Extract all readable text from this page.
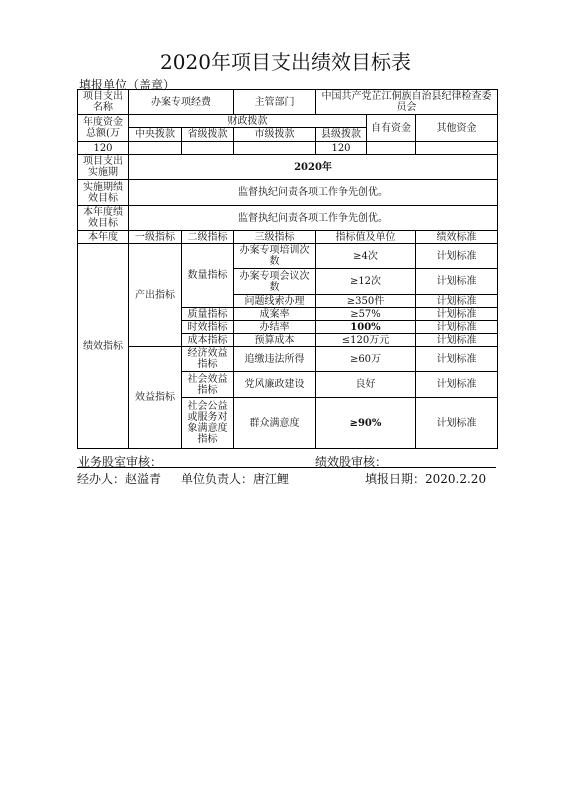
2020年项目支出绩效目标表
填报单位（盖章）
项目支出名称	办案专项经费		主管部门	中国共产党芷江侗族自治县纪律检查委员会		
年度资金总额(万	财政拨款				自有资金	其他资金
	中央拨款	省级拨款	市级拨款	县级拨款		
120				120		
项目支出实施期	2020年					
实施期绩效目标	监督执纪问责各项工作争先创优。					
本年度绩效目标	监督执纪问责各项工作争先创优。					
本年度	一级指标	二级指标	三级指标	指标值及单位		绩效标准
绩效指标	产出指标	数量指标	办案专项培训次数	≥4次		计划标准
			办案专项会议次数	≥12次		计划标准
			问题线索办理	≥350件		计划标准
		质量指标	成案率	≥57%		计划标准
		时效指标	办结率	100%		计划标准
		成本指标	预算成本	≤120万元		计划标准
	效益指标	经济效益指标	追缴违法所得	≥60万		计划标准
		社会效益指标	党风廉政建设	良好		计划标准
		社会公益或服务对象满意度指标	群众满意度	≥90%		计划标准
业务股室审核：	绩效股审核：
经办人：赵溢青 单位负责人：唐江鲤	填报日期：2020.2.20
